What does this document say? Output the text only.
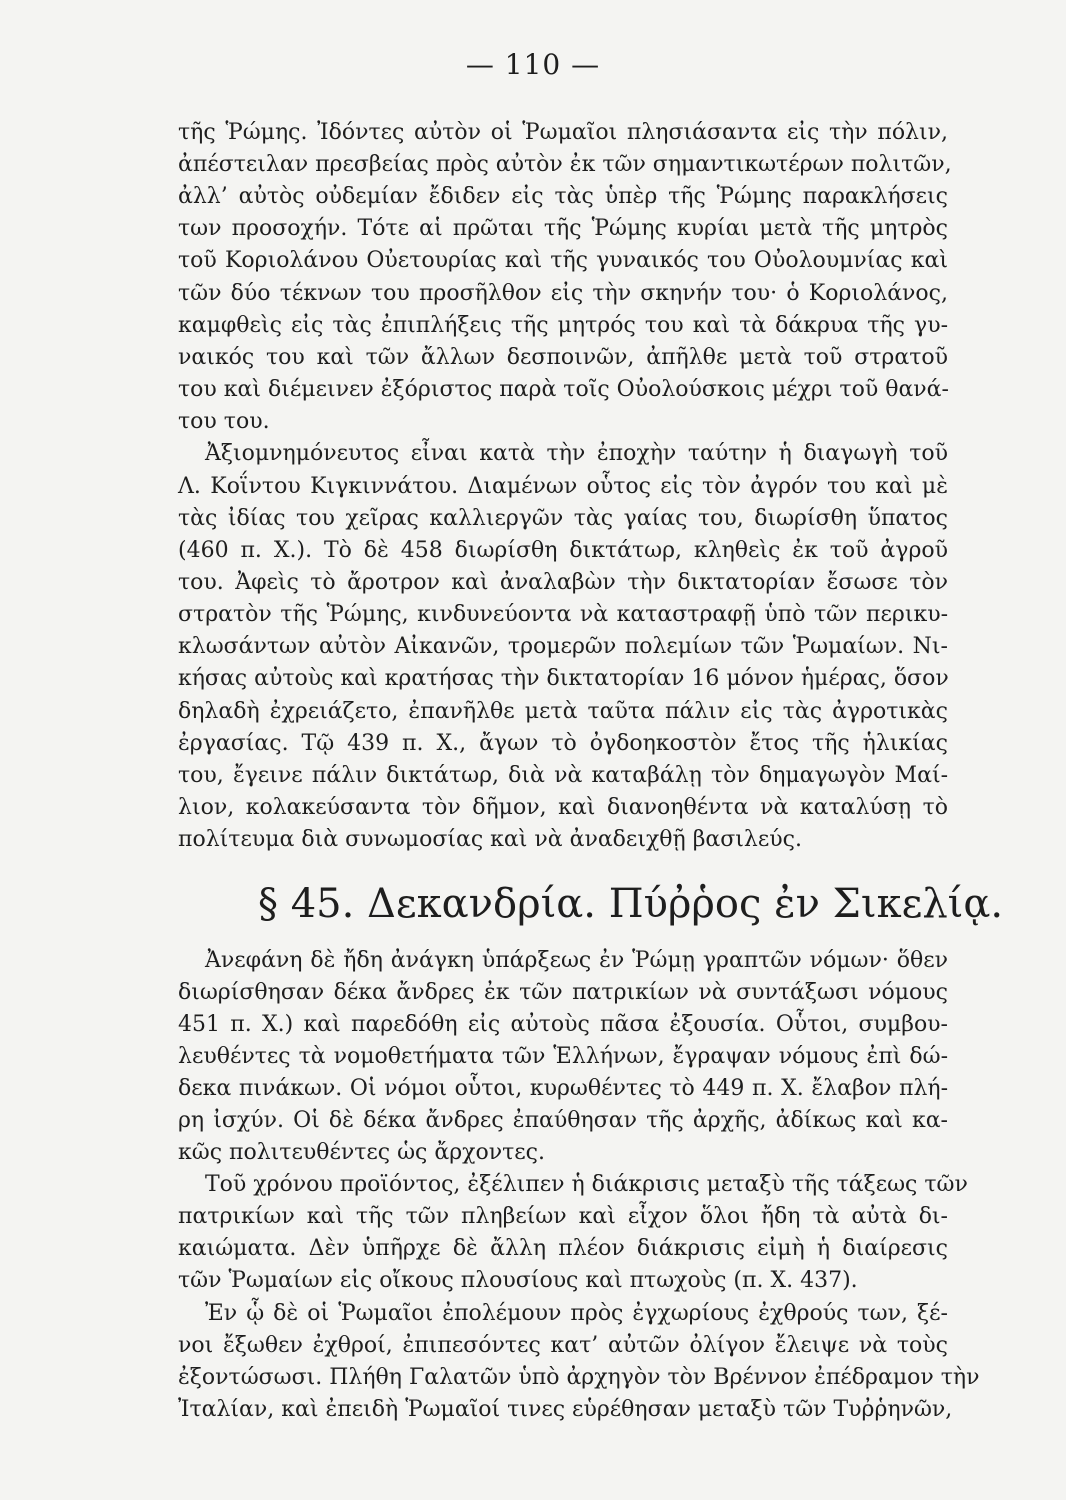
— 110 —
τῆς Ῥώμης. Ἰδόντες αὐτὸν οἱ Ῥωμαῖοι πλησιάσαντα εἰς τὴν πόλιν,
ἀπέστειλαν πρεσβείας πρὸς αὐτὸν ἐκ τῶν σημαντικωτέρων πολιτῶν,
ἀλλ’ αὐτὸς οὐδεμίαν ἔδιδεν εἰς τὰς ὑπὲρ τῆς Ῥώμης παρακλήσεις
των προσοχήν. Τότε αἱ πρῶται τῆς Ῥώμης κυρίαι μετὰ τῆς μητρὸς
τοῦ Κοριολάνου Οὐετουρίας καὶ τῆς γυναικός του Οὐολουμνίας καὶ
τῶν δύο τέκνων του προσῆλθον εἰς τὴν σκηνήν του· ὁ Κοριολάνος,
καμφθεὶς εἰς τὰς ἐπιπλήξεις τῆς μητρός του καὶ τὰ δάκρυα τῆς γυ-
ναικός του καὶ τῶν ἄλλων δεσποινῶν, ἀπῆλθε μετὰ τοῦ στρατοῦ
του καὶ διέμεινεν ἐξόριστος παρὰ τοῖς Οὐολούσκοις μέχρι τοῦ θανά-
του του.
Ἀξιομνημόνευτος εἶναι κατὰ τὴν ἐποχὴν ταύτην ἡ διαγωγὴ τοῦ
Λ. Κοΐντου Κιγκιννάτου. Διαμένων οὗτος εἰς τὸν ἀγρόν του καὶ μὲ
τὰς ἰδίας του χεῖρας καλλιεργῶν τὰς γαίας του, διωρίσθη ὕπατος
(460 π. Χ.). Τὸ δὲ 458 διωρίσθη δικτάτωρ, κληθεὶς ἐκ τοῦ ἀγροῦ
του. Ἀφεὶς τὸ ἄροτρον καὶ ἀναλαβὼν τὴν δικτατορίαν ἔσωσε τὸν
στρατὸν τῆς Ῥώμης, κινδυνεύοντα νὰ καταστραφῇ ὑπὸ τῶν περικυ-
κλωσάντων αὐτὸν Αἰκανῶν, τρομερῶν πολεμίων τῶν Ῥωμαίων. Νι-
κήσας αὐτοὺς καὶ κρατήσας τὴν δικτατορίαν 16 μόνον ἡμέρας, ὅσον
δηλαδὴ ἐχρειάζετο, ἐπανῆλθε μετὰ ταῦτα πάλιν εἰς τὰς ἀγροτικὰς
ἐργασίας. Τῷ 439 π. Χ., ἄγων τὸ ὀγδοηκοστὸν ἔτος τῆς ἡλικίας
του, ἔγεινε πάλιν δικτάτωρ, διὰ νὰ καταβάλῃ τὸν δημαγωγὸν Μαί-
λιον, κολακεύσαντα τὸν δῆμον, καὶ διανοηθέντα νὰ καταλύσῃ τὸ
πολίτευμα διὰ συνωμοσίας καὶ νὰ ἀναδειχθῇ βασιλεύς.
§ 45. Δεκανδρία. Πύῤῥος ἐν Σικελίᾳ.
Ἀνεφάνη δὲ ἤδη ἀνάγκη ὑπάρξεως ἐν Ῥώμῃ γραπτῶν νόμων· ὅθεν
διωρίσθησαν δέκα ἄνδρες ἐκ τῶν πατρικίων νὰ συντάξωσι νόμους
451 π. Χ.) καὶ παρεδόθη εἰς αὐτοὺς πᾶσα ἐξουσία. Οὗτοι, συμβου-
λευθέντες τὰ νομοθετήματα τῶν Ἑλλήνων, ἔγραψαν νόμους ἐπὶ δώ-
δεκα πινάκων. Οἱ νόμοι οὗτοι, κυρωθέντες τὸ 449 π. Χ. ἔλαβον πλή-
ρη ἰσχύν. Οἱ δὲ δέκα ἄνδρες ἐπαύθησαν τῆς ἀρχῆς, ἀδίκως καὶ κα-
κῶς πολιτευθέντες ὡς ἄρχοντες.
Τοῦ χρόνου προϊόντος, ἐξέλιπεν ἡ διάκρισις μεταξὺ τῆς τάξεως τῶν
πατρικίων καὶ τῆς τῶν πληβείων καὶ εἶχον ὅλοι ἤδη τὰ αὐτὰ δι-
καιώματα. Δὲν ὑπῆρχε δὲ ἄλλη πλέον διάκρισις εἰμὴ ἡ διαίρεσις
τῶν Ῥωμαίων εἰς οἴκους πλουσίους καὶ πτωχοὺς (π. Χ. 437).
Ἐν ᾧ δὲ οἱ Ῥωμαῖοι ἐπολέμουν πρὸς ἐγχωρίους ἐχθρούς των, ξέ-
νοι ἔξωθεν ἐχθροί, ἐπιπεσόντες κατ’ αὐτῶν ὀλίγον ἔλειψε νὰ τοὺς
ἐξοντώσωσι. Πλήθη Γαλατῶν ὑπὸ ἀρχηγὸν τὸν Βρέννον ἐπέδραμον τὴν
Ἰταλίαν, καὶ ἐπειδὴ Ῥωμαῖοί τινες εὑρέθησαν μεταξὺ τῶν Τυῤῥηνῶν,
